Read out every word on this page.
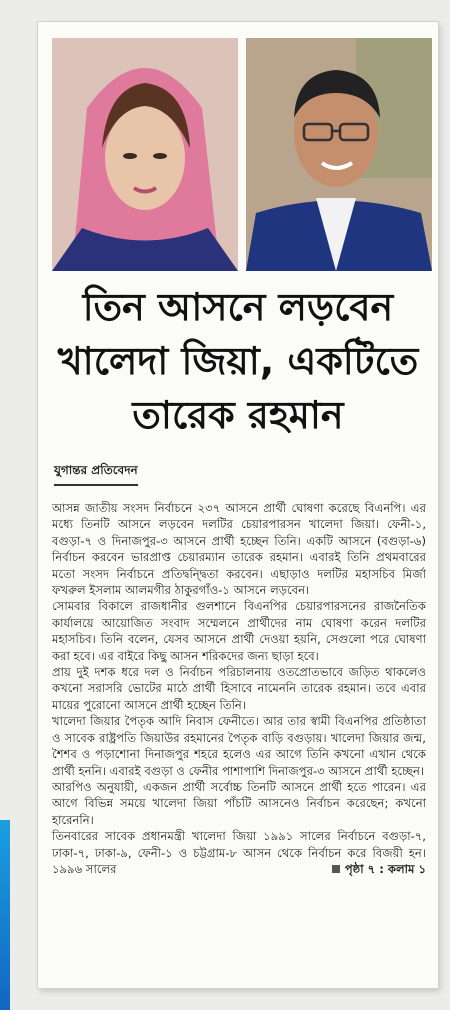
তিন আসনে লড়বেন
খালেদা জিয়া, একটিতে
তারেক রহমান
যুগান্তর প্রতিবেদন

আসন্ন জাতীয় সংসদ নির্বাচনে ২৩৭ আসনে প্রার্থী ঘোষণা করেছে বিএনপি। এর মধ্যে তিনটি আসনে লড়বেন দলটির চেয়ারপারসন খালেদা জিয়া। ফেনী-১, বগুড়া-৭ ও দিনাজপুর-৩ আসনে প্রার্থী হচ্ছেন তিনি। একটি আসনে (বগুড়া-৬) নির্বাচন করবেন ভারপ্রাপ্ত চেয়ারম্যান তারেক রহমান। এবারই তিনি প্রথমবারের মতো সংসদ নির্বাচনে প্রতিদ্বন্দ্বিতা করবেন। এছাড়াও দলটির মহাসচিব মির্জা ফখরুল ইসলাম আলমগীর ঠাকুরগাঁও-১ আসনে লড়বেন।

সোমবার বিকালে রাজধানীর গুলশানে বিএনপির চেয়ারপারসনের রাজনৈতিক কার্যালয়ে আয়োজিত সংবাদ সম্মেলনে প্রার্থীদের নাম ঘোষণা করেন দলটির মহাসচিব। তিনি বলেন, যেসব আসনে প্রার্থী দেওয়া হয়নি, সেগুলো পরে ঘোষণা করা হবে। এর বাইরে কিছু আসন শরিকদের জন্য ছাড়া হবে।

প্রায় দুই দশক ধরে দল ও নির্বাচন পরিচালনায় ওতপ্রোতভাবে জড়িত থাকলেও কখনো সরাসরি ভোটের মাঠে প্রার্থী হিসাবে নামেননি তারেক রহমান। তবে এবার মায়ের পুরোনো আসনে প্রার্থী হচ্ছেন তিনি।

খালেদা জিয়ার পৈতৃক আদি নিবাস ফেনীতে। আর তার স্বামী বিএনপির প্রতিষ্ঠাতা ও সাবেক রাষ্ট্রপতি জিয়াউর রহমানের পৈতৃক বাড়ি বগুড়ায়। খালেদা জিয়ার জন্ম, শৈশব ও পড়াশোনা দিনাজপুর শহরে হলেও এর আগে তিনি কখনো এখান থেকে প্রার্থী হননি। এবারই বগুড়া ও ফেনীর পাশাপাশি দিনাজপুর-৩ আসনে প্রার্থী হচ্ছেন।

আরপিও অনুযায়ী, একজন প্রার্থী সর্বোচ্চ তিনটি আসনে প্রার্থী হতে পারেন। এর আগে বিভিন্ন সময়ে খালেদা জিয়া পাঁচটি আসনেও নির্বাচন করেছেন; কখনো হারেননি।

তিনবারের সাবেক প্রধানমন্ত্রী খালেদা জিয়া ১৯৯১ সালের নির্বাচনে বগুড়া-৭, ঢাকা-৭, ঢাকা-৯, ফেনী-১ ও চট্টগ্রাম-৮ আসন থেকে নির্বাচন করে বিজয়ী হন। ১৯৯৬ সালের	পৃষ্ঠা ৭ : কলাম ১
